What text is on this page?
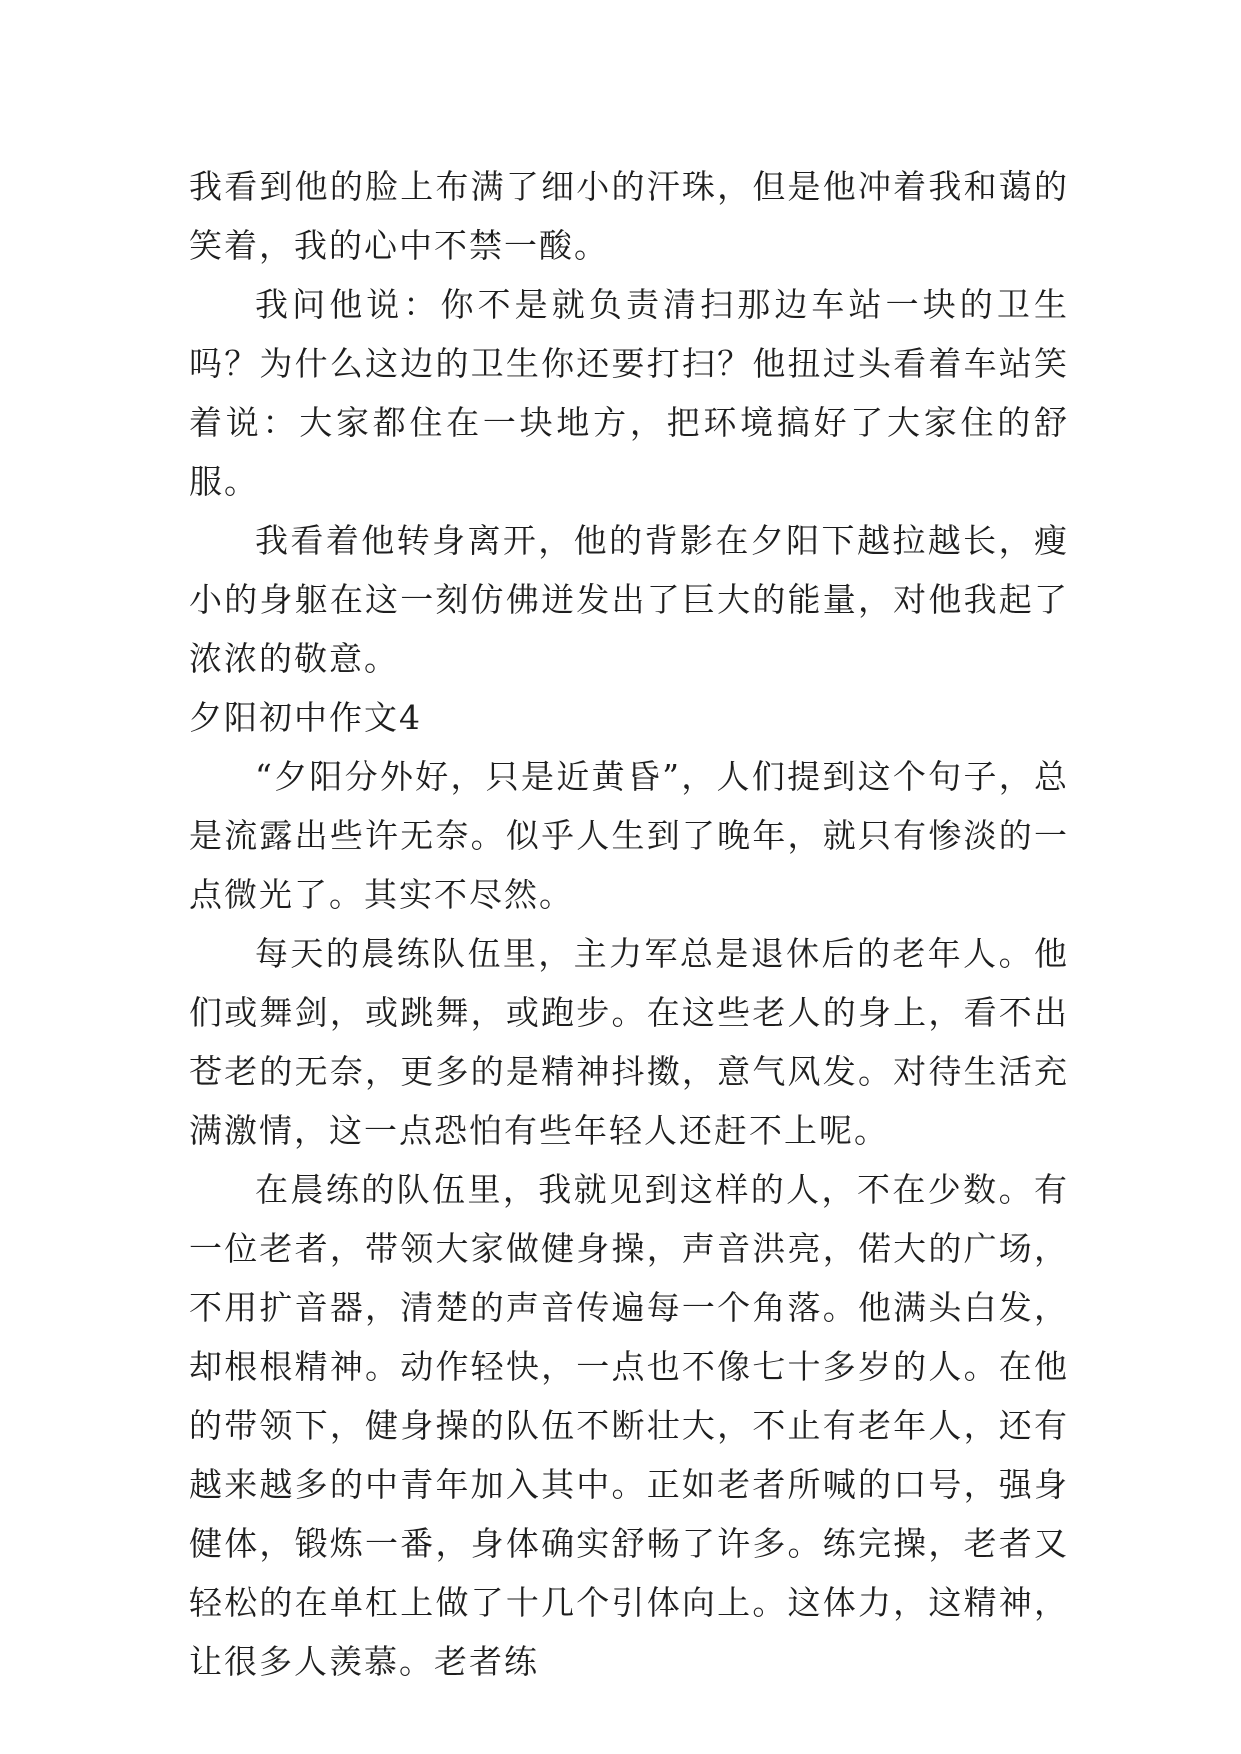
我看到他的脸上布满了细小的汗珠，但是他冲着我和蔼的笑着，我的心中不禁一酸。

我问他说：你不是就负责清扫那边车站一块的卫生吗？为什么这边的卫生你还要打扫？他扭过头看着车站笑着说：大家都住在一块地方，把环境搞好了大家住的舒服。

我看着他转身离开，他的背影在夕阳下越拉越长，瘦小的身躯在这一刻仿佛迸发出了巨大的能量，对他我起了浓浓的敬意。

夕阳初中作文4

“夕阳分外好，只是近黄昏”，人们提到这个句子，总是流露出些许无奈。似乎人生到了晚年，就只有惨淡的一点微光了。其实不尽然。

每天的晨练队伍里，主力军总是退休后的老年人。他们或舞剑，或跳舞，或跑步。在这些老人的身上，看不出苍老的无奈，更多的是精神抖擞，意气风发。对待生活充满激情，这一点恐怕有些年轻人还赶不上呢。

在晨练的队伍里，我就见到这样的人，不在少数。有一位老者，带领大家做健身操，声音洪亮，偌大的广场，不用扩音器，清楚的声音传遍每一个角落。他满头白发，却根根精神。动作轻快，一点也不像七十多岁的人。在他的带领下，健身操的队伍不断壮大，不止有老年人，还有越来越多的中青年加入其中。正如老者所喊的口号，强身健体，锻炼一番，身体确实舒畅了许多。练完操，老者又轻松的在单杠上做了十几个引体向上。这体力，这精神，让很多人羡慕。老者练
